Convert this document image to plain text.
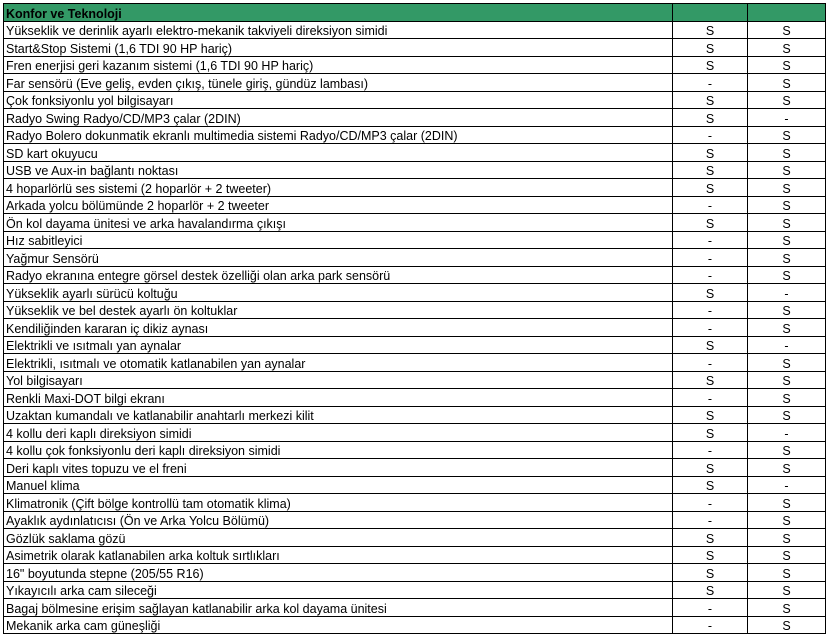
Konfor ve Teknoloji		
Yükseklik ve derinlik ayarlı elektro-mekanik takviyeli direksiyon simidi	S	S
Start&Stop Sistemi (1,6 TDI 90 HP hariç)	S	S
Fren enerjisi geri kazanım sistemi (1,6 TDI 90 HP hariç)	S	S
Far sensörü (Eve geliş, evden çıkış, tünele giriş, gündüz lambası)	-	S
Çok fonksiyonlu yol bilgisayarı	S	S
Radyo Swing Radyo/CD/MP3 çalar (2DIN)	S	-
Radyo Bolero dokunmatik ekranlı multimedia sistemi Radyo/CD/MP3 çalar (2DIN)	-	S
SD kart okuyucu	S	S
USB ve Aux-in bağlantı noktası	S	S
4 hoparlörlü ses sistemi (2 hoparlör + 2 tweeter)	S	S
Arkada yolcu bölümünde 2 hoparlör + 2 tweeter	-	S
Ön kol dayama ünitesi ve arka havalandırma çıkışı	S	S
Hız sabitleyici	-	S
Yağmur Sensörü	-	S
Radyo ekranına entegre görsel destek özelliği olan arka park sensörü	-	S
Yükseklik ayarlı sürücü koltuğu	S	-
Yükseklik ve bel destek ayarlı ön koltuklar	-	S
Kendiliğinden kararan iç dikiz aynası	-	S
Elektrikli ve ısıtmalı yan aynalar	S	-
Elektrikli, ısıtmalı ve otomatik katlanabilen yan aynalar	-	S
Yol bilgisayarı	S	S
Renkli Maxi-DOT bilgi ekranı	-	S
Uzaktan kumandalı ve katlanabilir anahtarlı merkezi kilit	S	S
4 kollu deri kaplı direksiyon simidi	S	-
4 kollu çok fonksiyonlu deri kaplı direksiyon simidi	-	S
Deri kaplı vites topuzu ve el freni	S	S
Manuel klima	S	-
Klimatronik (Çift bölge kontrollü tam otomatik klima)	-	S
Ayaklık aydınlatıcısı (Ön ve Arka Yolcu Bölümü)	-	S
Gözlük saklama gözü	S	S
Asimetrik olarak katlanabilen arka koltuk sırtlıkları	S	S
16" boyutunda stepne (205/55 R16)	S	S
Yıkayıcılı arka cam sileceği	S	S
Bagaj bölmesine erişim sağlayan katlanabilir arka kol dayama ünitesi	-	S
Mekanik arka cam güneşliği	-	S
